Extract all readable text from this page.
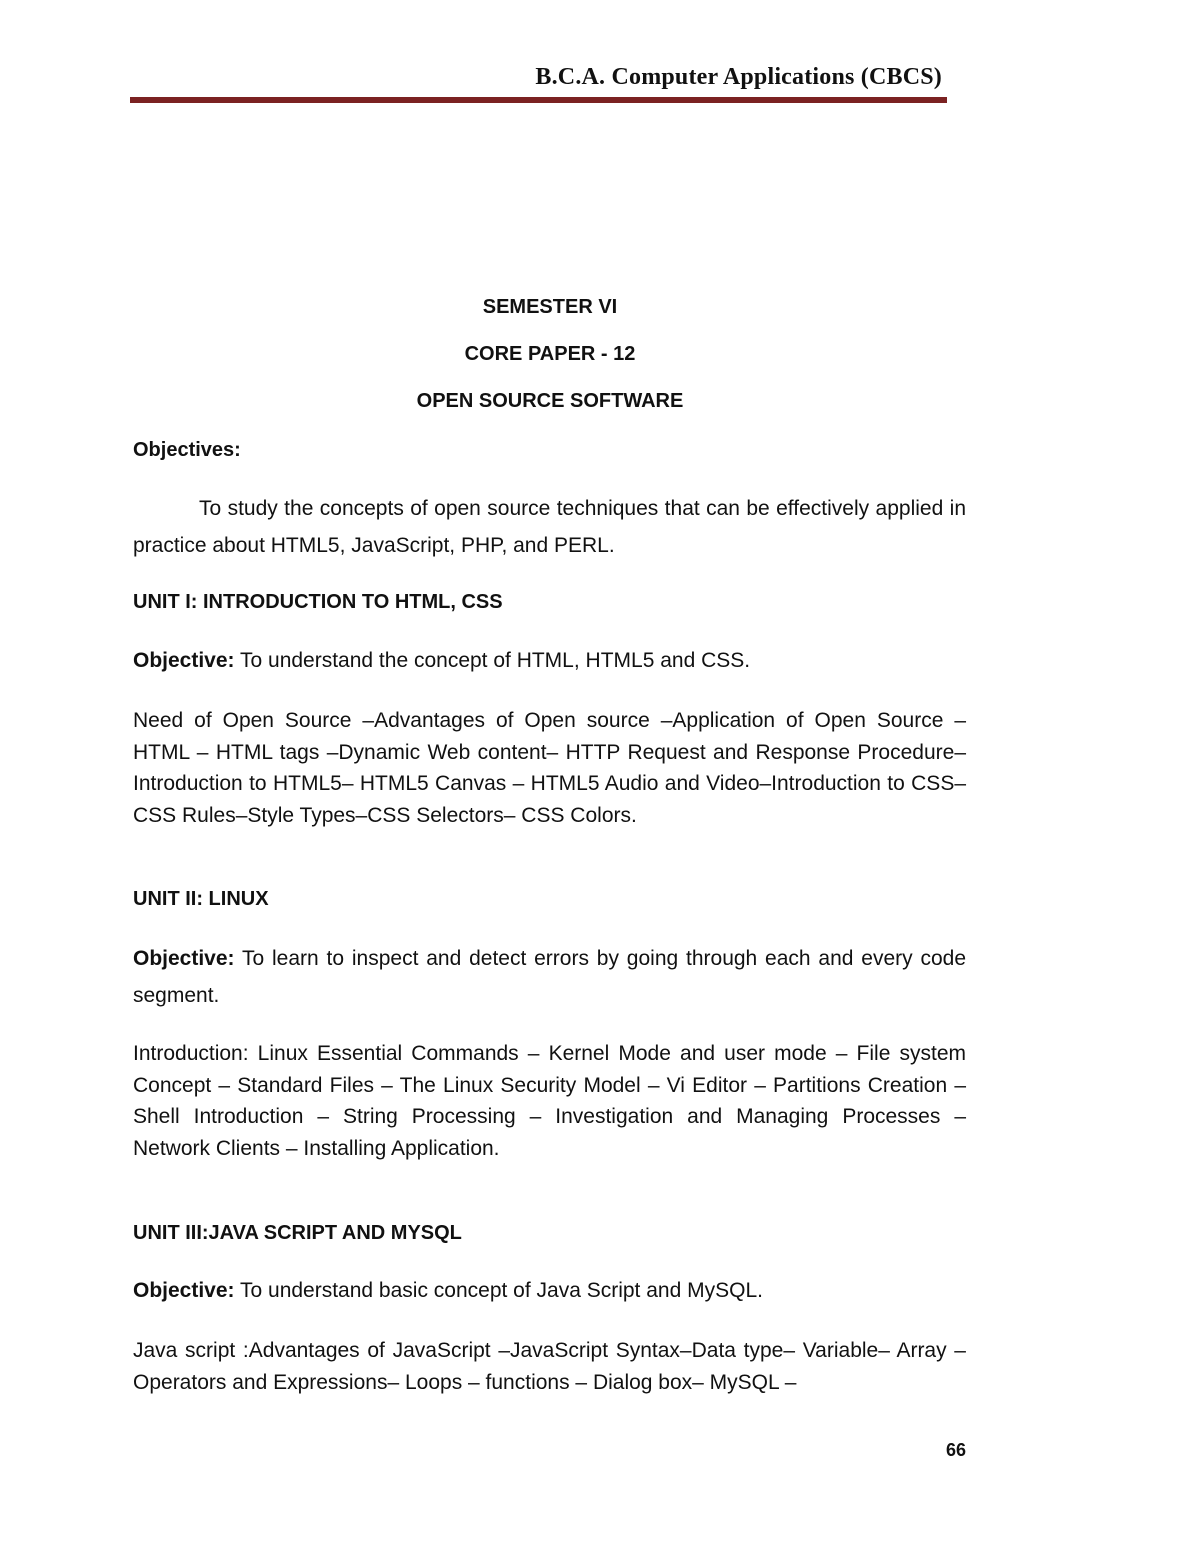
B.C.A. Computer Applications (CBCS)
SEMESTER VI
CORE PAPER - 12
OPEN SOURCE SOFTWARE
Objectives:
To study the concepts of open source techniques that can be effectively applied in practice about HTML5, JavaScript, PHP, and PERL.
UNIT I: INTRODUCTION TO HTML, CSS
Objective: To understand the concept of HTML, HTML5 and CSS.
Need of Open Source –Advantages of Open source –Application of Open Source – HTML – HTML tags –Dynamic Web content– HTTP Request and Response Procedure–Introduction to HTML5– HTML5 Canvas – HTML5 Audio and Video–Introduction to CSS– CSS Rules–Style Types–CSS Selectors– CSS Colors.
UNIT II: LINUX
Objective: To learn to inspect and detect errors by going through each and every code segment.
Introduction: Linux Essential Commands – Kernel Mode and user mode – File system Concept – Standard Files – The Linux Security Model – Vi Editor – Partitions Creation – Shell Introduction – String Processing – Investigation and Managing Processes – Network Clients – Installing Application.
UNIT III:JAVA SCRIPT AND MYSQL
Objective: To understand basic concept of Java Script and MySQL.
Java script :Advantages of JavaScript –JavaScript Syntax–Data type– Variable– Array – Operators and Expressions– Loops – functions – Dialog box– MySQL –
66
